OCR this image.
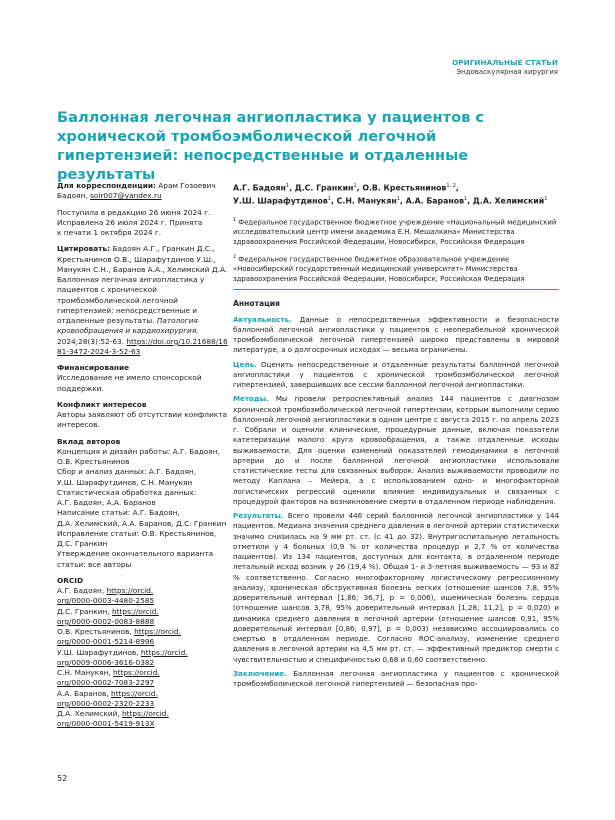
ОРИГИНАЛЬНЫЕ СТАТЬИ
Эндоваскулярная хирургия
Баллонная легочная ангиопластика у пациентов с хронической тромбоэмболической легочной гипертензией: непосредственные и отдаленные результаты

Для корреспонденции: Арам Гозоевич Бадоян, soir007@yandex.ru

Поступила в редакцию 26 июня 2024 г.

Исправлена 26 июля 2024 г. Принята

к печати 1 октября 2024 г.

Цитировать: Бадоян А.Г., Гранкин Д.С., Крестьянинов О.В., Шарафутдинов У.Ш., Манукян С.Н., Баранов А.А., Хелимский Д.А. Баллонная легочная ангиопластика у пациентов с хронической тромбоэмболической легочной гипертензией: непосредственные и отдаленные результаты. Патология кровообращения и кардиохирургия. 2024;28(3):52-63. https://doi.org/10.21688/1681-3472-2024-3-52-63

Финансирование

Исследование не имело спонсорской поддержки.

Конфликт интересов

Авторы заявляют об отсутствии конфликта интересов.

Вклад авторов

Концепция и дизайн работы: А.Г. Бадоян,

О.В. Крестьянинов

Сбор и анализ данных: А.Г. Бадоян,

У.Ш. Шарафутдинов, С.Н. Манукян

Статистическая обработка данных:

А.Г. Бадоян, А.А. Баранов

Написание статьи: А.Г. Бадоян,

Д.А. Хелимский, А.А. Баранов, Д.С. Гранкин

Исправление статьи: О.В. Крестьянинов,

Д.С. Гранкин

Утверждение окончательного варианта

статьи: все авторы

ORCID

А.Г. Бадоян, https://orcid.
org/0000-0003-4480-2585

Д.С. Гранкин, https://orcid.
org/0000-0002-0083-8888

О.В. Крестьянинов, https://orcid.
org/0000-0001-5214-8996

У.Ш. Шарафутдинов, https://orcid.
org/0009-0006-3616-0382

С.Н. Манукян, https://orcid.
org/0000-0002-7083-2297

А.А. Баранов, https://orcid.
org/0000-0002-2320-2233

Д.А. Хелимский, https://orcid.
org/0000-0001-5419-913X

А.Г. Бадоян$^1$, Д.С. Гранкин$^1$, О.В. Крестьянинов$^{1, 2}$,
У.Ш. Шарафутдинов$^1$, С.Н. Манукян$^1$, А.А. Баранов$^1$, Д.А. Хелимский$^1$

$^1$ Федеральное государственное бюджетное учреждение «Национальный медицинский исследовательский центр имени академика Е.Н. Мешалкина» Министерства здравоохранения Российской Федерации, Новосибирск, Российская Федерация

$^2$ Федеральное государственное бюджетное образовательное учреждение «Новосибирский государственный медицинский университет» Министерства здравоохранения Российской Федерации, Новосибирск, Российская Федерация

Аннотация

Актуальность. Данные о непосредственных эффективности и безопасности баллонной легочной ангиопластики у пациентов с неоперабельной хронической тромбоэмболической легочной гипертензией широко представлены в мировой литературе, а о долгосрочных исходах — весьма ограничены.

Цель. Оценить непосредственные и отдаленные результаты баллонной легочной ангиопластики у пациентов с хронической тромбоэмболической легочной гипертензией, завершивших все сессии баллонной легочной ангиопластики.

Методы. Мы провели ретроспективный анализ 144 пациентов с диагнозом хронической тромбоэмболической легочной гипертензии, которым выполнили серию баллонной легочной ангиопластики в одном центре с августа 2015 г. по апрель 2023 г. Собрали и оценили клинические, процедурные данные, включая показатели катетеризации малого круга кровообращения, а также отдаленные исходы выживаемости. Для оценки изменений показателей гемодинамики в легочной артерии до и после баллонной легочной ангиопластики использовали статистические тесты для связанных выборок. Анализ выживаемости проводили по методу Каплана – Мейера, а с использованием одно- и многофакторной логистических регрессий оценили влияние индивидуальных и связанных с процедурой факторов на возникновение смерти в отдаленном периоде наблюдения.

Результаты. Всего провели 446 серий баллонной легочной ангиопластики у 144 пациентов. Медиана значения среднего давления в легочной артерии статистически значимо снизилась на 9 мм рт. ст. (с 41 до 32). Внутригоспитальную летальность отметили у 4 больных (0,9 % от количества процедур и 2,7 % от количества пациентов). Из 134 пациентов, доступных для контакта, в отдаленном периоде летальный исход возник у 26 (19,4 %). Общая 1- и 3-летняя выживаемость — 93 и 82 % соответственно. Согласно многофакторному логистическому регрессионному анализу, хроническая обструктивная болезнь легких (отношение шансов 7,8, 95% доверительный интервал [1,86; 36,7], p = 0,006), ишемическая болезнь сердца (отношение шансов 3,78, 95% доверительный интервал [1,28; 11,2], p = 0,020) и динамика среднего давления в легочной артерии (отношение шансов 0,91, 95% доверительный интервал [0,86; 0,97], p = 0,003) независимо ассоциировались со смертью в отдаленном периоде. Согласно ROC-анализу, изменение среднего давления в легочной артерии на 4,5 мм рт. ст. — эффективный предиктор смерти с чувствительностью и специфичностью 0,68 и 0,60 соответственно.

Заключение. Баллонная легочная ангиопластика у пациентов с хронической тромбоэмболической легочной гипертензией — безопасная про-

52
